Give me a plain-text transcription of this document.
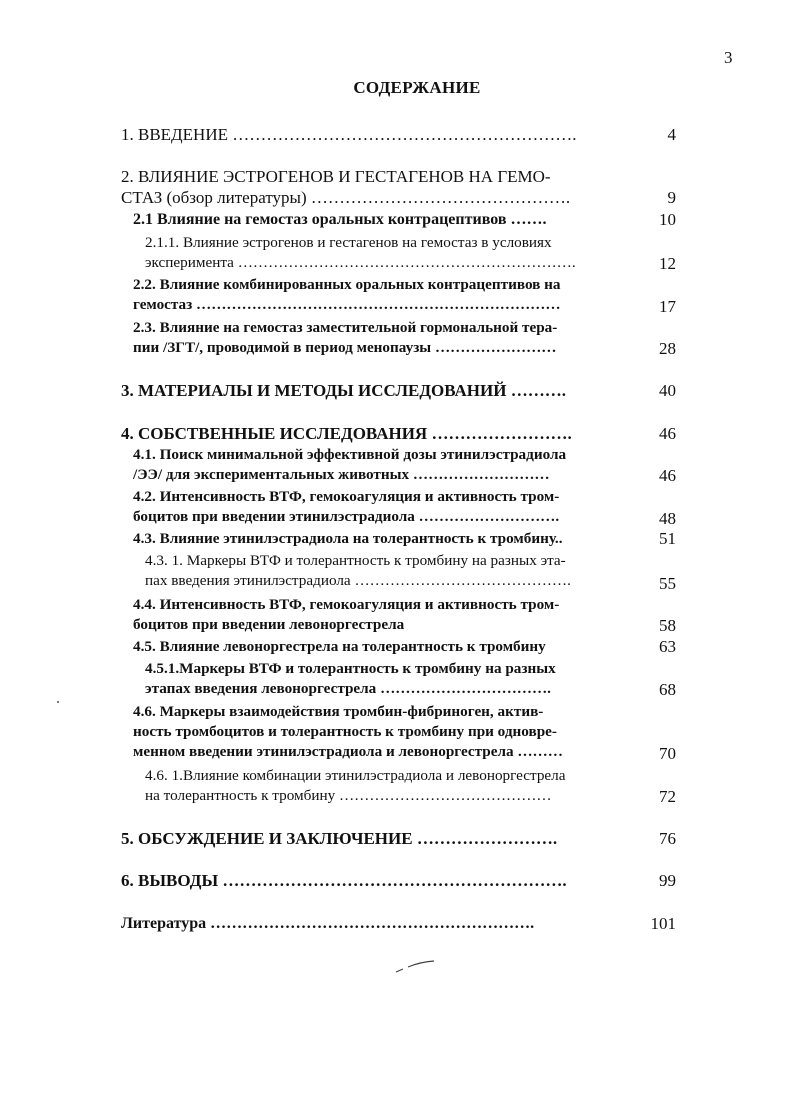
3
СОДЕРЖАНИЕ
1. ВВЕДЕНИЕ …………………………………………………….	4
2. ВЛИЯНИЕ ЭСТРОГЕНОВ И ГЕСТАГЕНОВ НА ГЕМО-
СТАЗ (обзор литературы) ……………………………………….	9
2.1 Влияние на гемостаз оральных контрацептивов …….	10
2.1.1. Влияние эстрогенов и гестагенов на гемостаз в условиях
эксперимента ………………………………………………………….	12
2.2. Влияние комбинированных оральных контрацептивов на
гемостаз ………………………………………………………………	17
2.3. Влияние на гемостаз заместительной гормональной тера-
пии /ЗГТ/, проводимой в период менопаузы ……………………	28
3. МАТЕРИАЛЫ И МЕТОДЫ ИССЛЕДОВАНИЙ ……….	40
4. СОБСТВЕННЫЕ ИССЛЕДОВАНИЯ …………………….	46
4.1. Поиск минимальной эффективной дозы этинилэстрадиола
/ЭЭ/ для экспериментальных животных ………………………	46
4.2. Интенсивность ВТФ, гемокоагуляция и активность тром-
боцитов при введении этинилэстрадиола ……………………….	48
4.3. Влияние этинилэстрадиола на толерантность к тромбину..	51
4.3. 1. Маркеры ВТФ и толерантность к тромбину на разных эта-
пах введения этинилэстрадиола …………………………………….	55
4.4. Интенсивность ВТФ, гемокоагуляция и активность тром-
боцитов при введении левоноргестрела	58
4.5. Влияние левоноргестрела на толерантность к тромбину	63
4.5.1.Маркеры ВТФ и толерантность к тромбину на разных
этапах введения левоноргестрела …………………………….	68
4.6. Маркеры взаимодействия тромбин-фибриноген, актив-
ность тромбоцитов и толерантность к тромбину при одновре-
менном введении этинилэстрадиола и левоноргестрела ………	70
4.6. 1.Влияние комбинации этинилэстрадиола и левоноргестрела
на толерантность к тромбину ……………………………………	72
5. ОБСУЖДЕНИЕ И ЗАКЛЮЧЕНИЕ …………………….	76
6. ВЫВОДЫ …………………………………………………….	99
Литература …………………………………………………….	101
